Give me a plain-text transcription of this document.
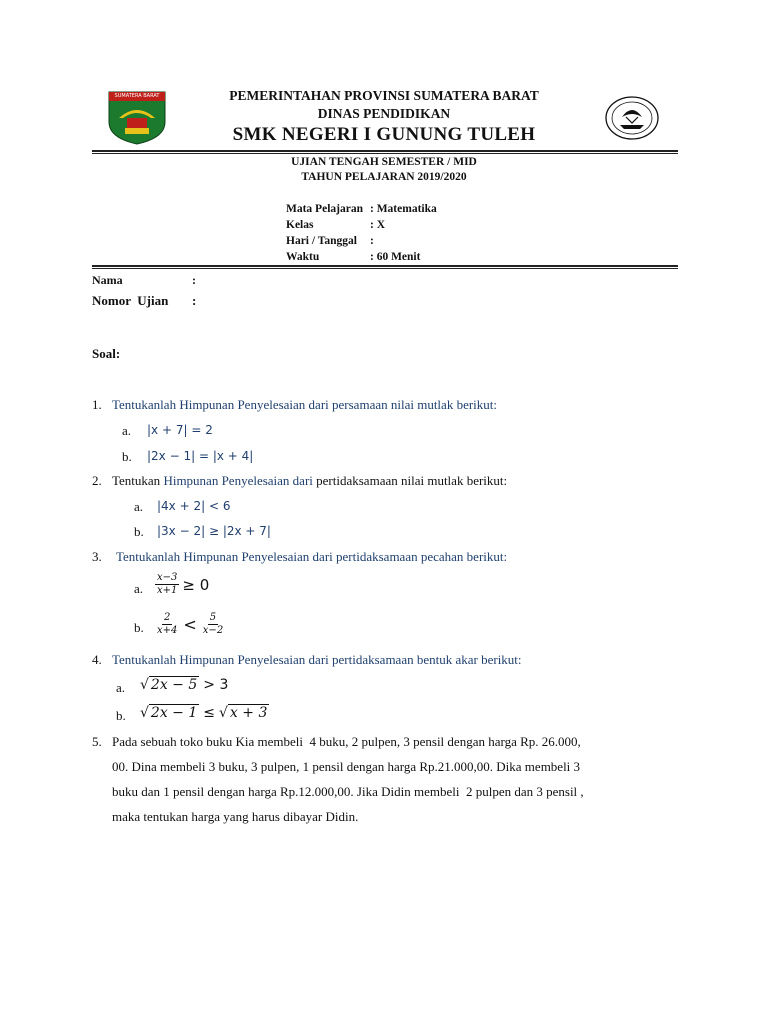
SUMATERA BARAT	PEMERINTAHAN PROVINSI SUMATERA BARAT
DINAS PENDIDIKAN
SMK NEGERI I GUNUNG TULEH
UJIAN TENGAH SEMESTER / MID
TAHUN PELAJARAN 2019/2020
Mata Pelajaran : Matematika
Kelas	: X
Hari / Tanggal :
Waktu	: 60 Menit
Nama	:
Nomor  Ujian :
Soal:
1. Tentukanlah Himpunan Penyelesaian dari persamaan nilai mutlak berikut:
a. |x + 7| = 2
b. |2x − 1| = |x + 4|
2. Tentukan Himpunan Penyelesaian dari pertidaksamaan nilai mutlak berikut:
a. |4x + 2| < 6
b. |3x − 2| ≥ |2x + 7|
3. Tentukanlah Himpunan Penyelesaian dari pertidaksamaan pecahan berikut:
a. $\frac{x-3}{x+1} \ge 0$
b. $\frac{2}{x+4} < \frac{5}{x-2}$
4. Tentukanlah Himpunan Penyelesaian dari pertidaksamaan bentuk akar berikut:
a. √ 2x − 5 > 3
b. √ 2x − 1 ≤ √ x + 3
5. Pada sebuah toko buku Kia membeli  4 buku, 2 pulpen, 3 pensil dengan harga Rp. 26.000,
00. Dina membeli 3 buku, 3 pulpen, 1 pensil dengan harga Rp.21.000,00. Dika membeli 3
buku dan 1 pensil dengan harga Rp.12.000,00. Jika Didin membeli  2 pulpen dan 3 pensil ,
maka tentukan harga yang harus dibayar Didin.
